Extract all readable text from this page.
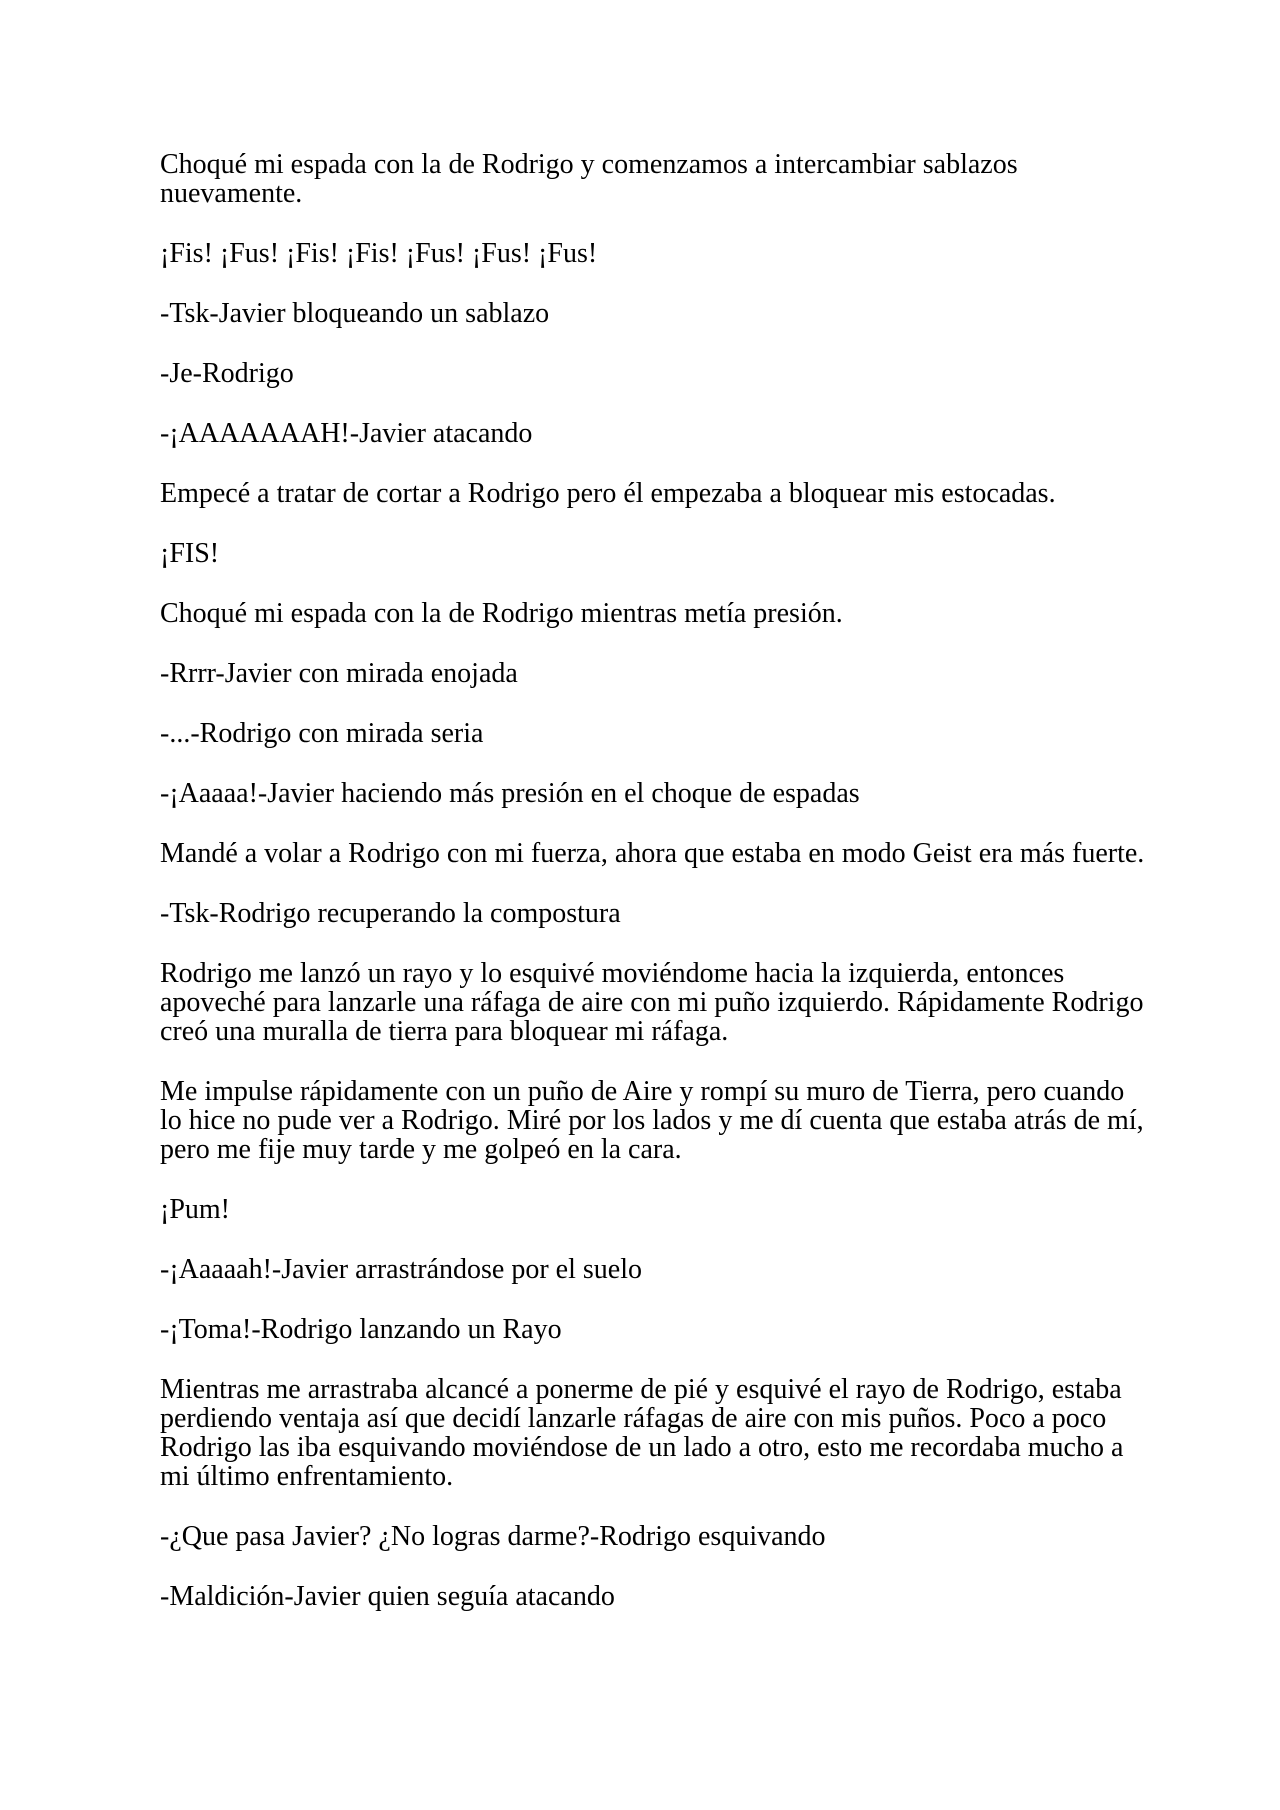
Choqué mi espada con la de Rodrigo y comenzamos a intercambiar sablazos
nuevamente.
¡Fis! ¡Fus! ¡Fis! ¡Fis! ¡Fus! ¡Fus! ¡Fus!
-Tsk-Javier bloqueando un sablazo
-Je-Rodrigo
-¡AAAAAAAH!-Javier atacando
Empecé a tratar de cortar a Rodrigo pero él empezaba a bloquear mis estocadas.
¡FIS!
Choqué mi espada con la de Rodrigo mientras metía presión.
-Rrrr-Javier con mirada enojada
-...-Rodrigo con mirada seria
-¡Aaaaa!-Javier haciendo más presión en el choque de espadas
Mandé a volar a Rodrigo con mi fuerza, ahora que estaba en modo Geist era más fuerte.
-Tsk-Rodrigo recuperando la compostura
Rodrigo me lanzó un rayo y lo esquivé moviéndome hacia la izquierda, entonces
apoveché para lanzarle una ráfaga de aire con mi puño izquierdo. Rápidamente Rodrigo
creó una muralla de tierra para bloquear mi ráfaga.
Me impulse rápidamente con un puño de Aire y rompí su muro de Tierra, pero cuando
lo hice no pude ver a Rodrigo. Miré por los lados y me dí cuenta que estaba atrás de mí,
pero me fije muy tarde y me golpeó en la cara.
¡Pum!
-¡Aaaaah!-Javier arrastrándose por el suelo
-¡Toma!-Rodrigo lanzando un Rayo
Mientras me arrastraba alcancé a ponerme de pié y esquivé el rayo de Rodrigo, estaba
perdiendo ventaja así que decidí lanzarle ráfagas de aire con mis puños. Poco a poco
Rodrigo las iba esquivando moviéndose de un lado a otro, esto me recordaba mucho a
mi último enfrentamiento.
-¿Que pasa Javier? ¿No logras darme?-Rodrigo esquivando
-Maldición-Javier quien seguía atacando
